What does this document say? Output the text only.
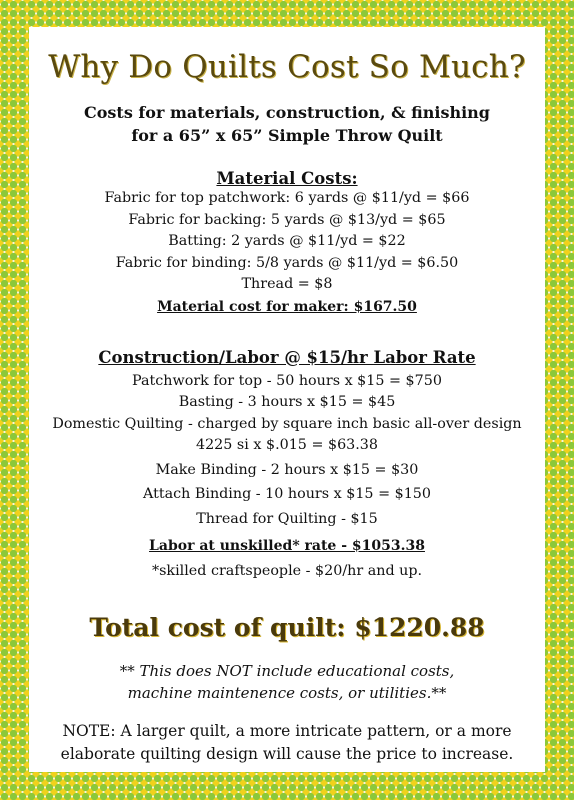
Why Do Quilts Cost So Much?
Costs for materials, construction, & finishing
for a 65” x 65” Simple Throw Quilt
Material Costs:
Fabric for top patchwork: 6 yards @ $11/yd = $66
Fabric for backing: 5 yards @ $13/yd = $65
Batting: 2 yards @ $11/yd = $22
Fabric for binding: 5/8 yards @ $11/yd = $6.50
Thread = $8
Material cost for maker: $167.50
Construction/Labor @ $15/hr Labor Rate
Patchwork for top - 50 hours x $15 = $750
Basting - 3 hours x $15 = $45
Domestic Quilting - charged by square inch basic all-over design
4225 si x $.015 = $63.38
Make Binding - 2 hours x $15 = $30
Attach Binding - 10 hours x $15 = $150
Thread for Quilting - $15
Labor at unskilled* rate - $1053.38
*skilled craftspeople - $20/hr and up.
Total cost of quilt: $1220.88
** This does NOT include educational costs,
machine maintenence costs, or utilities.**
NOTE: A larger quilt, a more intricate pattern, or a more
elaborate quilting design will cause the price to increase.
